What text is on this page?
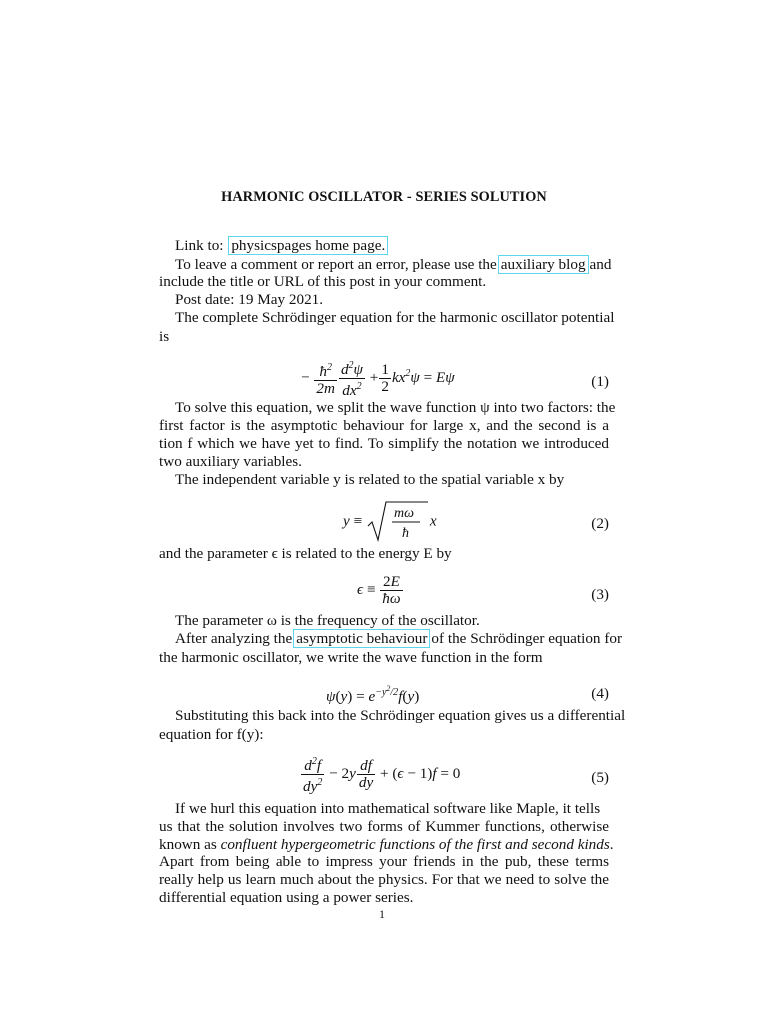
HARMONIC OSCILLATOR - SERIES SOLUTION
Link to: physicspages home page.
To leave a comment or report an error, please use the auxiliary blog and
include the title or URL of this post in your comment.
Post date: 19 May 2021.
The complete Schrödinger equation for the harmonic oscillator potential
is
− $\frac{ħ^2}{2m} \frac{d^2\psi}{dx^2} + \frac{1}{2} kx^2\psi = E\psi$	(1)
To solve this equation, we split the wave function ψ into two factors: the
first factor is the asymptotic behaviour for large x, and the second is a
tion f which we have yet to find. To simplify the notation we introduced
two auxiliary variables.
The independent variable y is related to the spatial variable x by
y ≡ mω
ħ
x	(2)
and the parameter ϵ is related to the energy E by
$\epsilon \equiv \frac{2E}{ħ\omega}$	(3)
The parameter ω is the frequency of the oscillator.
After analyzing the asymptotic behaviour of the Schrödinger equation for
the harmonic oscillator, we write the wave function in the form
$\psi(y) = e^{-y^2/2}f(y)$	(4)
Substituting this back into the Schrödinger equation gives us a differential
equation for f(y):
$\frac{d^2f}{dy^2} - 2y \frac{df}{dy} + (\epsilon - 1)f = 0$	(5)
If we hurl this equation into mathematical software like Maple, it tells
us that the solution involves two forms of Kummer functions, otherwise
known as confluent hypergeometric functions of the first and second kinds.
Apart from being able to impress your friends in the pub, these terms
really help us learn much about the physics. For that we need to solve the
differential equation using a power series.
1
